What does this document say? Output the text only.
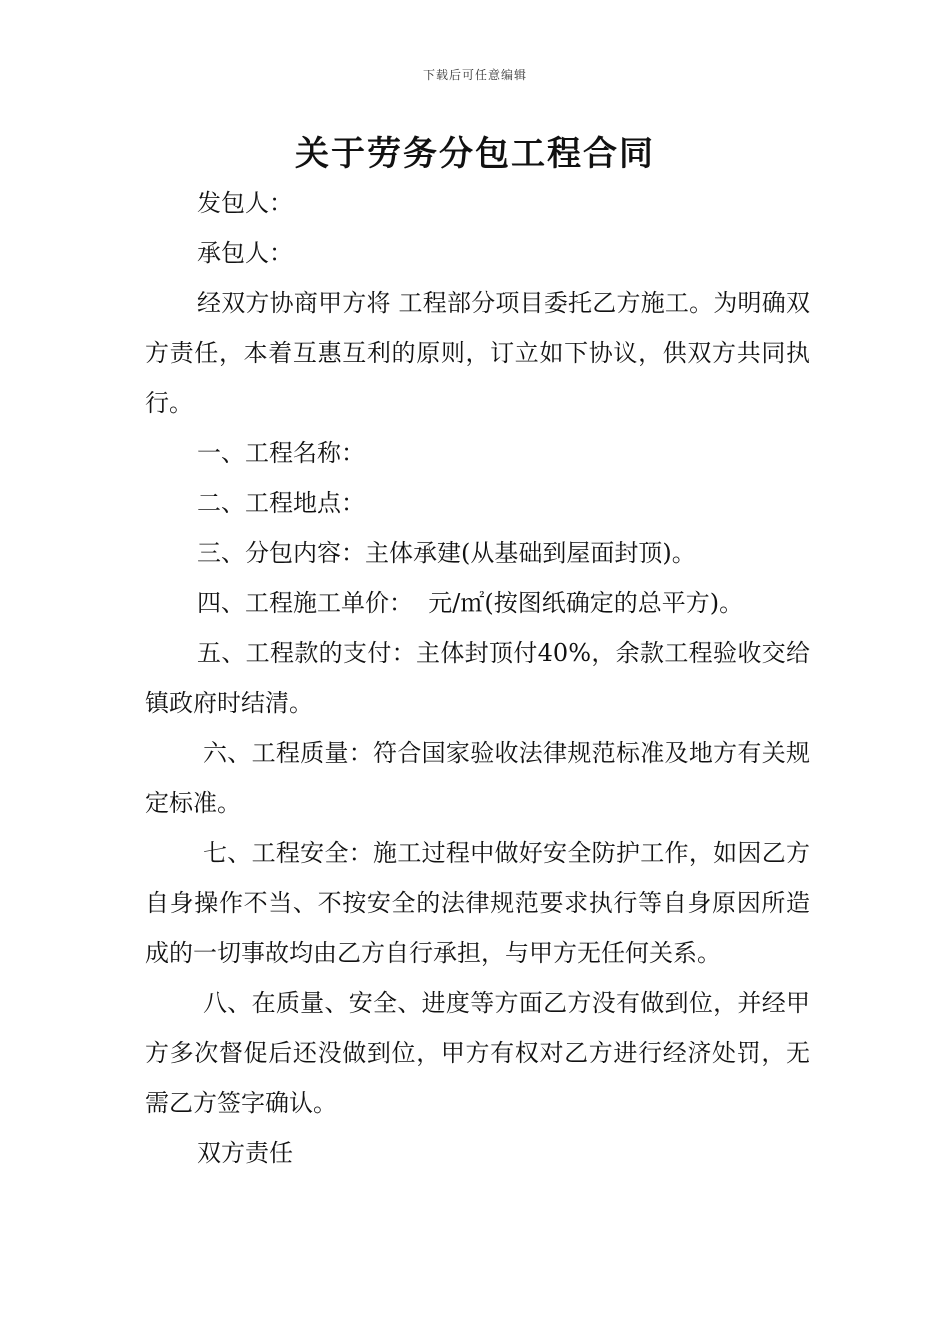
下载后可任意编辑
关于劳务分包工程合同

发包人：

承包人：

经双方协商甲方将 工程部分项目委托乙方施工。为明确双方责任，本着互惠互利的原则，订立如下协议，供双方共同执行。

一、工程名称：

二、工程地点：

三、分包内容：主体承建(从基础到屋面封顶)。

四、工程施工单价：  元/㎡(按图纸确定的总平方)。

五、工程款的支付：主体封顶付40%，余款工程验收交给镇政府时结清。

六、工程质量：符合国家验收法律规范标准及地方有关规定标准。

七、工程安全：施工过程中做好安全防护工作，如因乙方自身操作不当、不按安全的法律规范要求执行等自身原因所造成的一切事故均由乙方自行承担，与甲方无任何关系。

八、在质量、安全、进度等方面乙方没有做到位，并经甲方多次督促后还没做到位，甲方有权对乙方进行经济处罚，无需乙方签字确认。

双方责任
